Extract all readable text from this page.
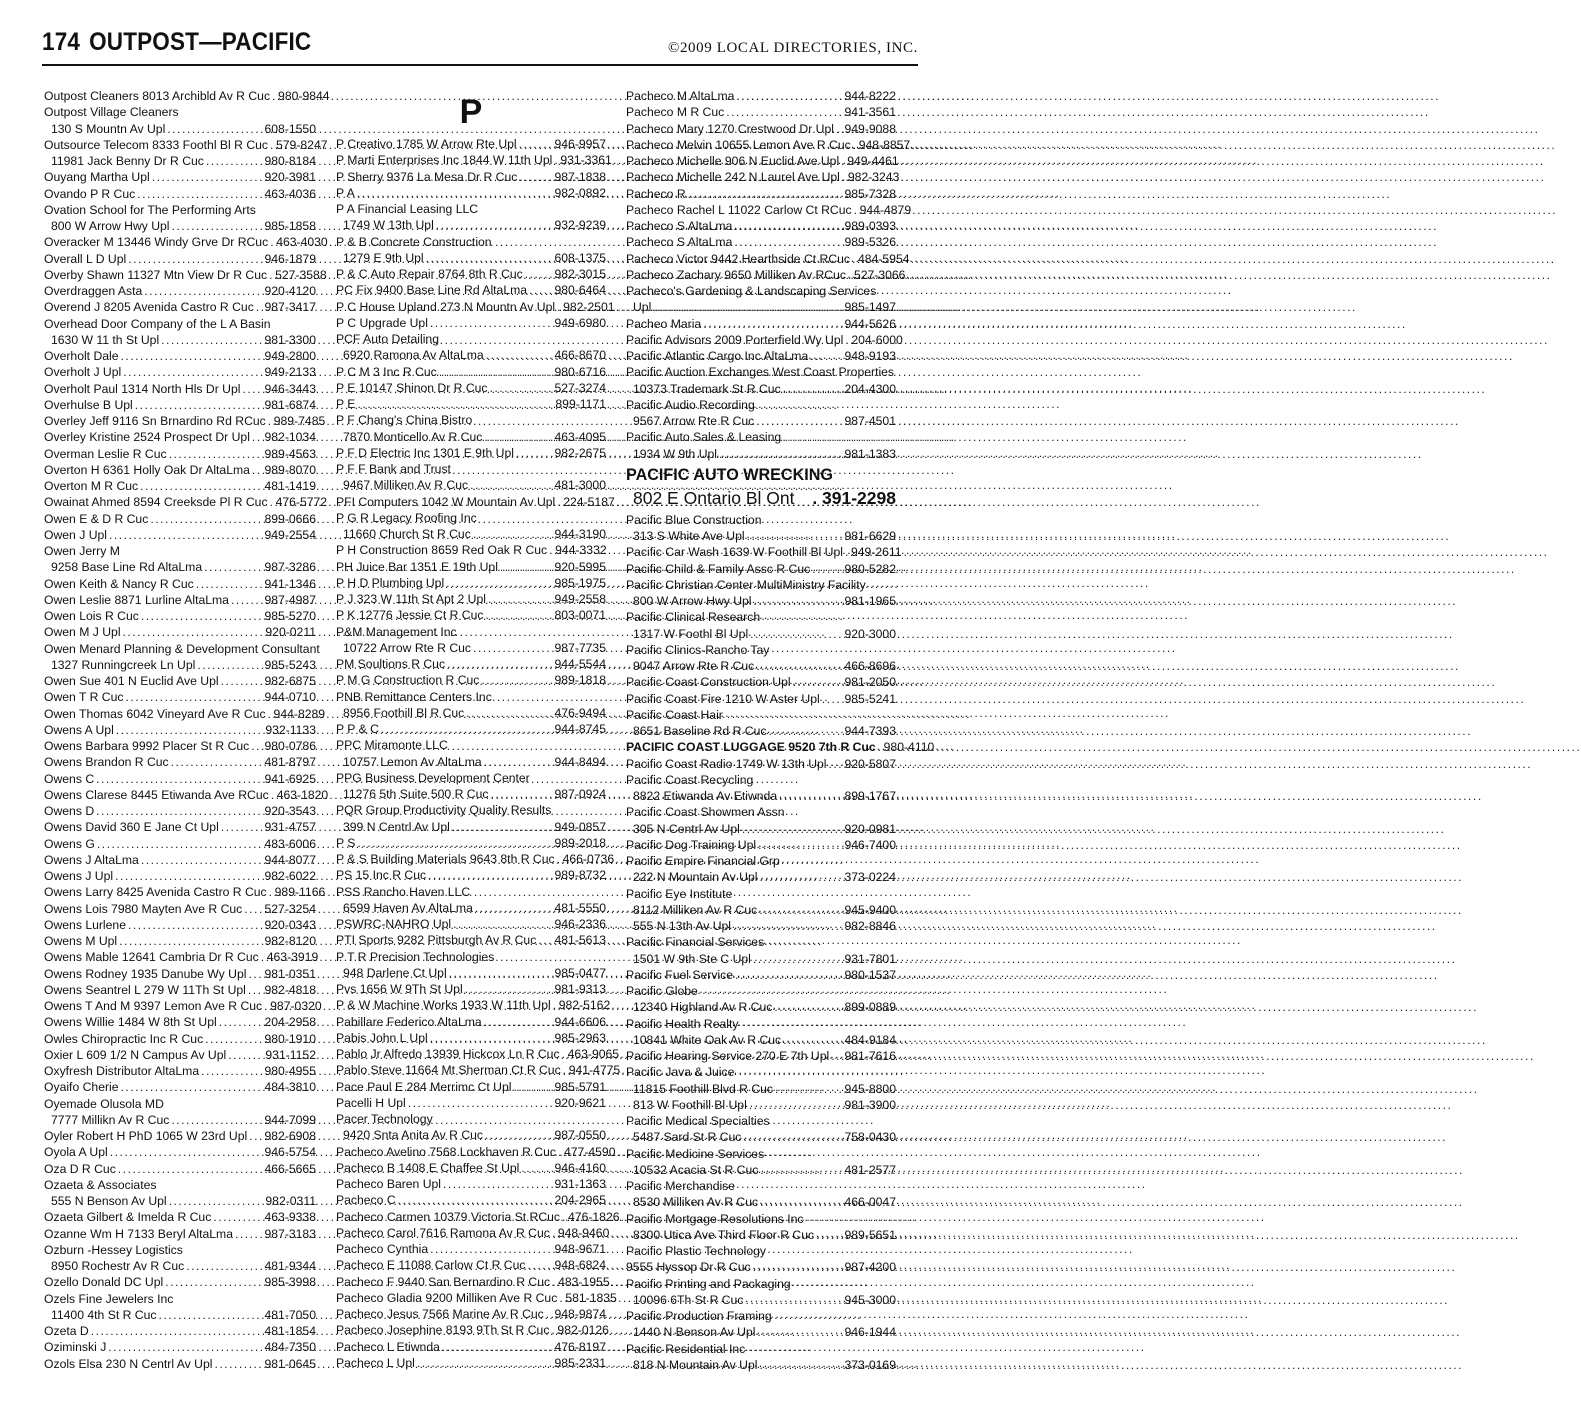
174 OUTPOST—PACIFIC	©2009 LOCAL DIRECTORIES, INC.
Outpost Cleaners 8013 Archibld Av R Cuc ..... 980-9844
Outpost Village Cleaners
130 S Mountn Av Upl .....	608-1550
Outsource Telecom 8333 Foothl Bl R Cuc ..... 579-8247
11981 Jack Benny Dr R Cuc .....	980-8184
Ouyang Martha Upl .....	920-3981
Ovando P R Cuc .....	463-4036
Ovation School for The Performing Arts
800 W Arrow Hwy Upl .....	985-1858
Overacker M 13446 Windy Grve Dr RCuc ..... 463-4030
Overall L D Upl .....	946-1879
Overby Shawn 11327 Mtn View Dr R Cuc ..... 527-3588
Overdraggen Asta .....	920-4120
Overend J 8205 Avenida Castro R Cuc ..... 987-3417
Overhead Door Company of the L A Basin
1630 W 11 th St Upl .....	981-3300
Overholt Dale .....	949-2800
Overholt J Upl .....	949-2133
Overholt Paul 1314 North Hls Dr Upl ..... 946-3443
Overhulse B Upl .....	981-6874
Overley Jeff 9116 Sn Brnardino Rd RCuc ..... 989-7485
Overley Kristine 2524 Prospect Dr Upl ..... 982-1034
Overman Leslie R Cuc .....	989-4563
Overton H 6361 Holly Oak Dr AltaLma ..... 989-8070
Overton M R Cuc .....	481-1419
Owainat Ahmed 8594 Creeksde Pl R Cuc ..... 476-5772
Owen E & D R Cuc .....	899-0666
Owen J Upl .....	949-2554
Owen Jerry M
9258 Base Line Rd AltaLma .....	987-3286
Owen Keith & Nancy R Cuc .....	941-1346
Owen Leslie 8871 Lurline AltaLma .....	987-4987
Owen Lois R Cuc .....	985-5270
Owen M J Upl .....	920-0211
Owen Menard Planning & Development Consultant
1327 Runningcreek Ln Upl .....	985-5243
Owen Sue 401 N Euclid Ave Upl .....	982-6875
Owen T R Cuc .....	944-0710
Owen Thomas 6042 Vineyard Ave R Cuc ..... 944-8289
Owens A Upl .....	932-1133
Owens Barbara 9992 Placer St R Cuc ..... 980-0786
Owens Brandon R Cuc .....	481-8797
Owens C .....	941-6925
Owens Clarese 8445 Etiwanda Ave RCuc ..... 463-1820
Owens D .....	920-3543
Owens David 360 E Jane Ct Upl .....	931-4757
Owens G .....	483-6006
Owens J AltaLma .....	944-8077
Owens J Upl .....	982-6022
Owens Larry 8425 Avenida Castro R Cuc ..... 989-1166
Owens Lois 7980 Mayten Ave R Cuc ..... 527-3254
Owens Lurlene .....	920-0343
Owens M Upl .....	982-8120
Owens Mable 12641 Cambria Dr R Cuc ..... 463-3919
Owens Rodney 1935 Danube Wy Upl ..... 981-0351
Owens Seantrel L 279 W 11Th St Upl ..... 982-4818
Owens T And M 9397 Lemon Ave R Cuc ..... 987-0320
Owens Willie 1484 W 8th St Upl .....	204-2958
Owles Chiropractic Inc R Cuc .....	980-1910
Oxier L 609 1/2 N Campus Av Upl .....	931-1152
Oxyfresh Distributor AltaLma .....	980-4955
Oyaifo Cherie .....	484-3810
Oyemade Olusola MD
7777 Millikn Av R Cuc .....	944-7099
Oyler Robert H PhD 1065 W 23rd Upl ..... 982-6908
Oyola A Upl .....	946-5754
Oza D R Cuc .....	466-5665
Ozaeta & Associates
555 N Benson Av Upl .....	982-0311
Ozaeta Gilbert & Imelda R Cuc .....	463-9338
Ozanne Wm H 7133 Beryl AltaLma .....	987-3183
Ozburn -Hessey Logistics
8950 Rochestr Av R Cuc .....	481-9344
Ozello Donald DC Upl .....	985-3998
Ozels Fine Jewelers Inc
11400 4th St R Cuc .....	481-7050
Ozeta D .....	481-1854
Oziminski J .....	484-7350
Ozols Elsa 230 N Centrl Av Upl .....	981-0645
P
P Creativo 1785 W Arrow Rte Upl .....	946-9957
P Marti Enterprises Inc 1844 W 11th Upl ..... 931-3361
P Sherry 9376 La Mesa Dr R Cuc .....	987-1838
P A .....	982-0892
P A Financial Leasing LLC
1749 W 13th Upl .....	932-9239
P & B Concrete Construction
1279 E 9th Upl .....	608-1375
P & C Auto Repair 8764 8th R Cuc .....	982-3015
PC Fix 9400 Base Line Rd AltaLma ..... 980-6464
P C House Upland 273 N Mountn Av Upl ..... 982-2501
P C Upgrade Upl .....	949-6980
PCF Auto Detailing
6920 Ramona Av AltaLma .....	466-8670
P C M 3 Inc R Cuc .....	980-6716
P E 10147 Shinon Dr R Cuc .....	527-3274
P E .....	899-1171
P F Chang's China Bistro
7870 Monticello Av R Cuc .....	463-4095
P F D Electric Inc 1301 E 9th Upl .....	982-2675
P F F Bank and Trust
9467 Milliken Av R Cuc .....	481-3000
PFI Computers 1042 W Mountain Av Upl ..... 224-5187
P G R Legacy Roofing Inc
11660 Church St R Cuc .....	944-3190
P H Construction 8659 Red Oak R Cuc ..... 944-3332
PH Juice Bar 1351 E 19th Upl .....	920-5995
P H D Plumbing Upl .....	985-1975
P J 323 W 11th St Apt 2 Upl .....	949-2558
P K 12776 Jessie Ct R Cuc .....	803-0071
P&M Management Inc
10722 Arrow Rte R Cuc .....	987-7735
PM Soultions R Cuc .....	944-5544
P M G Construction R Cuc .....	989-1818
PNB Remittance Centers Inc
8956 Foothill Bl R Cuc .....	476-9494
P P & C .....	944-8745
PPC Miramonte LLC
10757 Lemon Av AltaLma .....	944-8494
PPG Business Development Center
11276 5th Suite 500 R Cuc .....	987-0924
PQR Group Productivity Quality Results
399 N Centrl Av Upl .....	949-0857
P S .....	989-2018
P & S Building Materials 9643 8th R Cuc ..... 466-0736
PS 15 Inc R Cuc .....	989-8732
PSS Rancho Haven LLC
6599 Haven Av AltaLma .....	481-5550
PSWRC-NAHRO Upl .....	946-2336
PTI Sports 9282 Pittsburgh Av R Cuc ..... 481-5613
P T R Precision Technologies
948 Darlene Ct Upl .....	985-0477
Pvs 1656 W 9Th St Upl .....	981-9313
P & W Machine Works 1933 W 11th Upl ..... 982-5162
Pabillare Federico AltaLma .....	944-6606
Pabis John L Upl .....	985-2963
Pablo Jr Alfredo 13939 Hickcox Ln R Cuc ..... 463-9065
Pablo Steve 11664 Mt Sherman Ct R Cuc ..... 941-4775
Pace Paul E 284 Merrimc Ct Upl .....	985-5791
Pacelli H Upl .....	920-9621
Pacer Technology
9420 Snta Anita Av R Cuc .....	987-0550
Pacheco Avelino 7568 Lockhaven R Cuc ..... 477-4590
Pacheco B 1408 E Chaffee St Upl .....	946-4160
Pacheco Baren Upl .....	931-1363
Pacheco C .....	204-2965
Pacheco Carmen 10379 Victoria St RCuc ..... 476-1826
Pacheco Carol 7616 Ramona Av R Cuc ..... 948-9460
Pacheco Cynthia .....	948-9671
Pacheco E 11088 Carlow Ct R Cuc ..... 948-6824
Pacheco F 9440 San Bernardino R Cuc ..... 483-1955
Pacheco Gladia 9200 Milliken Ave R Cuc ..... 581-1835
Pacheco Jesus 7566 Marine Av R Cuc ..... 948-9874
Pacheco Josephine 8193 9Th St R Cuc ..... 982-0126
Pacheco L Etiwnda .....	476-8197
Pacheco L Upl .....	985-2331
Pacheco M AltaLma .....	944-8222
Pacheco M R Cuc .....	941-3561
Pacheco Mary 1270 Crestwood Dr Upl ..... 949-9088
Pacheco Melvin 10655 Lemon Ave R Cuc ..... 948-8857
Pacheco Michelle 906 N Euclid Ave Upl ..... 949-4461
Pacheco Michelle 242 N Laurel Ave Upl ..... 982-3243
Pacheco R .....	985-7328
Pacheco Rachel L 11022 Carlow Ct RCuc ..... 944-4879
Pacheco S AltaLma .....	989-0393
Pacheco S AltaLma .....	989-5326
Pacheco Victor 9442 Hearthside Ct RCuc ..... 484-5954
Pacheco Zachary 9650 Milliken Av RCuc ..... 527-3066
Pacheco's Gardening & Landscaping Services
Upl .....	985-1497
Pacheo Maria .....	944-5626
Pacific Advisors 2009 Porterfield Wy Upl ..... 204-6000
Pacific Atlantic Cargo Inc AltaLma .....	948-9193
Pacific Auction Exchanges West Coast Properties
10373 Trademark St R Cuc .....	204-4300
Pacific Audio Recording
9567 Arrow Rte R Cuc .....	987-4501
Pacific Auto Sales & Leasing
1934 W 9th Upl .....	981-1383
PACIFIC AUTO WRECKING
802 E Ontario Bl Ont	. 391-2298
Pacific Blue Construction
313 S White Ave Upl .....	981-6629
Pacific Car Wash 1639 W Foothill Bl Upl ..... 949-2611
Pacific Child & Family Assc R Cuc .....	980-5282
Pacific Christian Center MultiMinistry Facility
800 W Arrow Hwy Upl .....	981-1965
Pacific Clinical Research
1317 W Foothl Bl Upl .....	920-3000
Pacific Clinics-Rancho Tay
9047 Arrow Rte R Cuc .....	466-8696
Pacific Coast Construction Upl .....	981-2050
Pacific Coast Fire 1210 W Aster Upl ..... 985-5241
Pacific Coast Hair
8651 Baseline Rd R Cuc .....	944-7393
PACIFIC COAST LUGGAGE 9520 7th R Cuc ..... 980-4110
Pacific Coast Radio 1749 W 13th Upl ..... 920-5807
Pacific Coast Recycling
8822 Etiwanda Av Etiwnda .....	899-1767
Pacific Coast Showmen Assn
305 N Centrl Av Upl .....	920-0981
Pacific Dog Training Upl .....	946-7400
Pacific Empire Financial Grp
222 N Mountain Av Upl .....	373-0224
Pacific Eye Institute
8112 Milliken Av R Cuc .....	945-9400
555 N 13th Av Upl .....	982-8846
Pacific Financial Services
1501 W 9th Ste C Upl .....	931-7801
Pacific Fuel Service .....	980-1537
Pacific Globe
12340 Highland Av R Cuc .....	899-0889
Pacific Health Realty
10841 White Oak Av R Cuc .....	484-9184
Pacific Hearing Service 270 E 7th Upl ..... 981-7616
Pacific Java & Juice
11815 Foothill Blvd R Cuc .....	945-8800
813 W Foothill Bl Upl .....	981-3900
Pacific Medical Specialties
5487 Sard St R Cuc .....	758-0430
Pacific Medicine Services
10532 Acacia St R Cuc .....	481-2577
Pacific Merchandise
8530 Milliken Av R Cuc .....	466-0047
Pacific Mortgage Resolutions Inc
8300 Utica Ave Third Floor R Cuc ..... 989-5651
Pacific Plastic Technology
9555 Hyssop Dr R Cuc .....	987-4200
Pacific Printing and Packaging
10096 6Th St R Cuc .....	945-3000
Pacific Production Framing
1440 N Benson Av Upl .....	946-1944
Pacific Residential Inc
818 N Mountain Av Upl .....	373-0169
